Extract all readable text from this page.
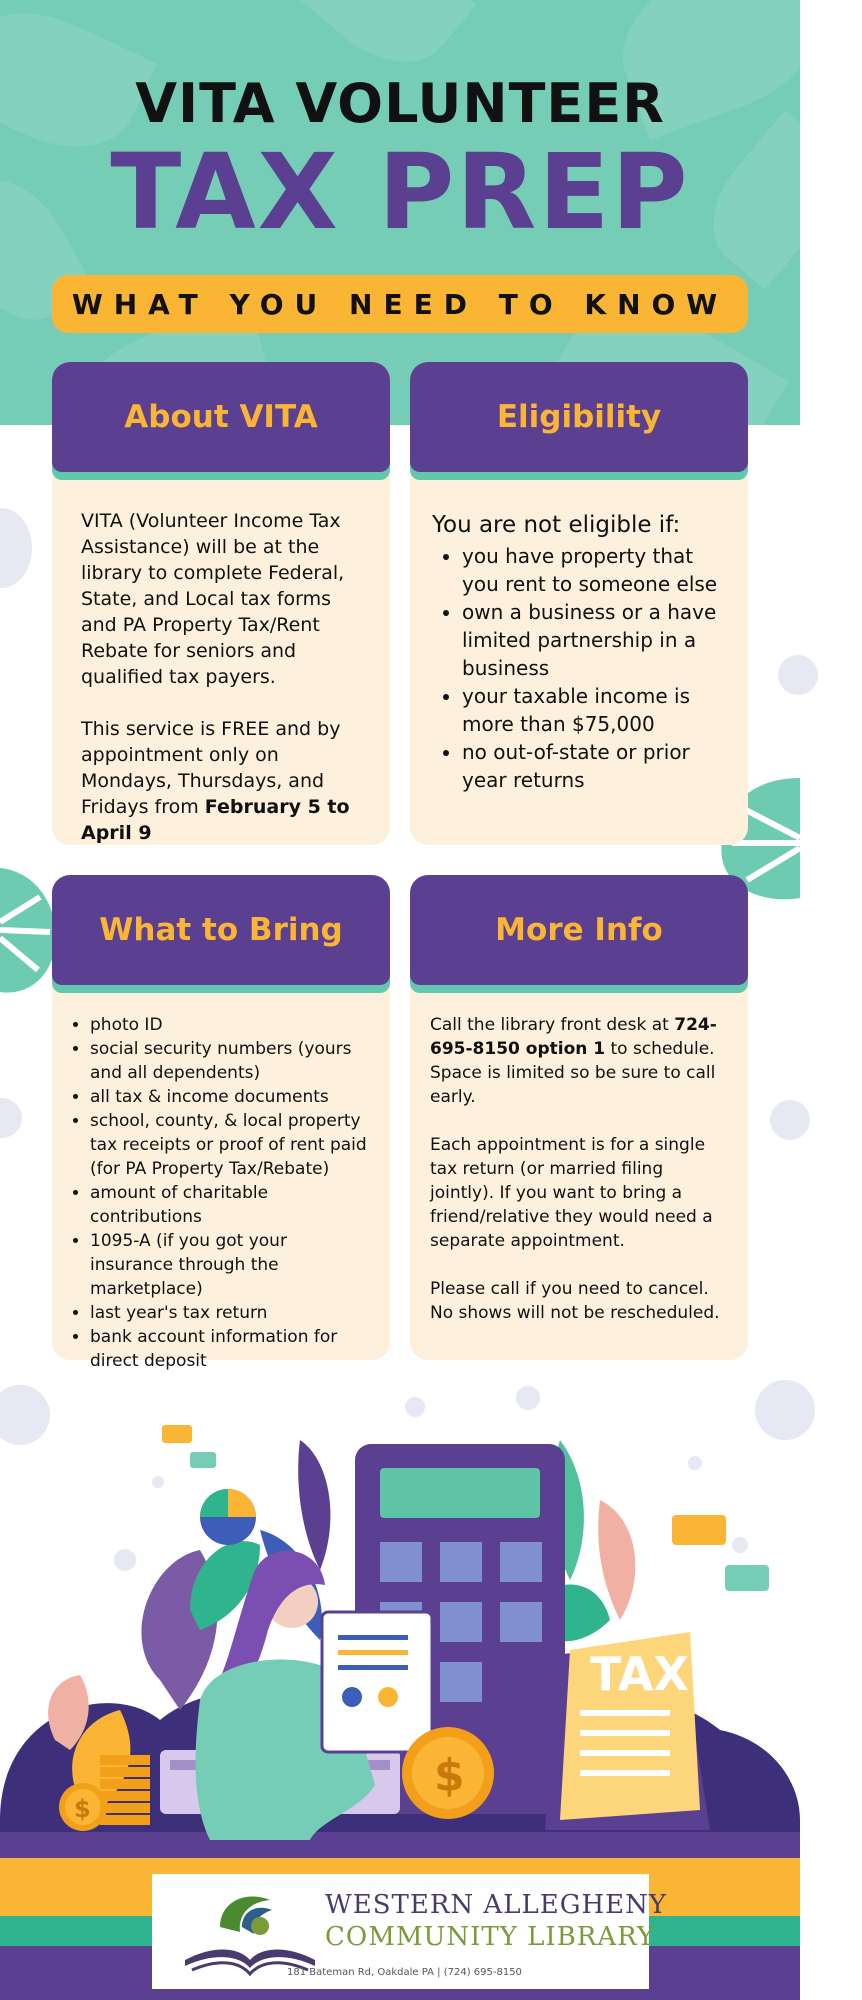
VITA VOLUNTEER
TAX PREP
WHAT YOU NEED TO KNOW
About VITA

VITA (Volunteer Income Tax Assistance) will be at the library to complete Federal, State, and Local tax forms and PA Property Tax/Rent Rebate for seniors and qualified tax payers.

This service is FREE and by appointment only on Mondays, Thursdays, and Fridays from February 5 to April 9

Eligibility

You are not eligible if:

• you have property that you rent to someone else
• own a business or a have limited partnership in a business
• your taxable income is more than $75,000
• no out-of-state or prior year returns
What to Bring
• photo ID
• social security numbers (yours and all dependents)
• all tax & income documents
• school, county, & local property tax receipts or proof of rent paid (for PA Property Tax/Rebate)
• amount of charitable contributions
• 1095-A (if you got your insurance through the marketplace)
• last year's tax return
• bank account information for direct deposit
More Info

Call the library front desk at 724-695-8150 option 1 to schedule. Space is limited so be sure to call early.

Each appointment is for a single tax return (or married filing jointly). If you want to bring a friend/relative they would need a separate appointment.

Please call if you need to cancel. No shows will not be rescheduled.

TAX
$
$
WESTERN ALLEGHENY
COMMUNITY LIBRARY
181 Bateman Rd, Oakdale PA | (724) 695-8150
